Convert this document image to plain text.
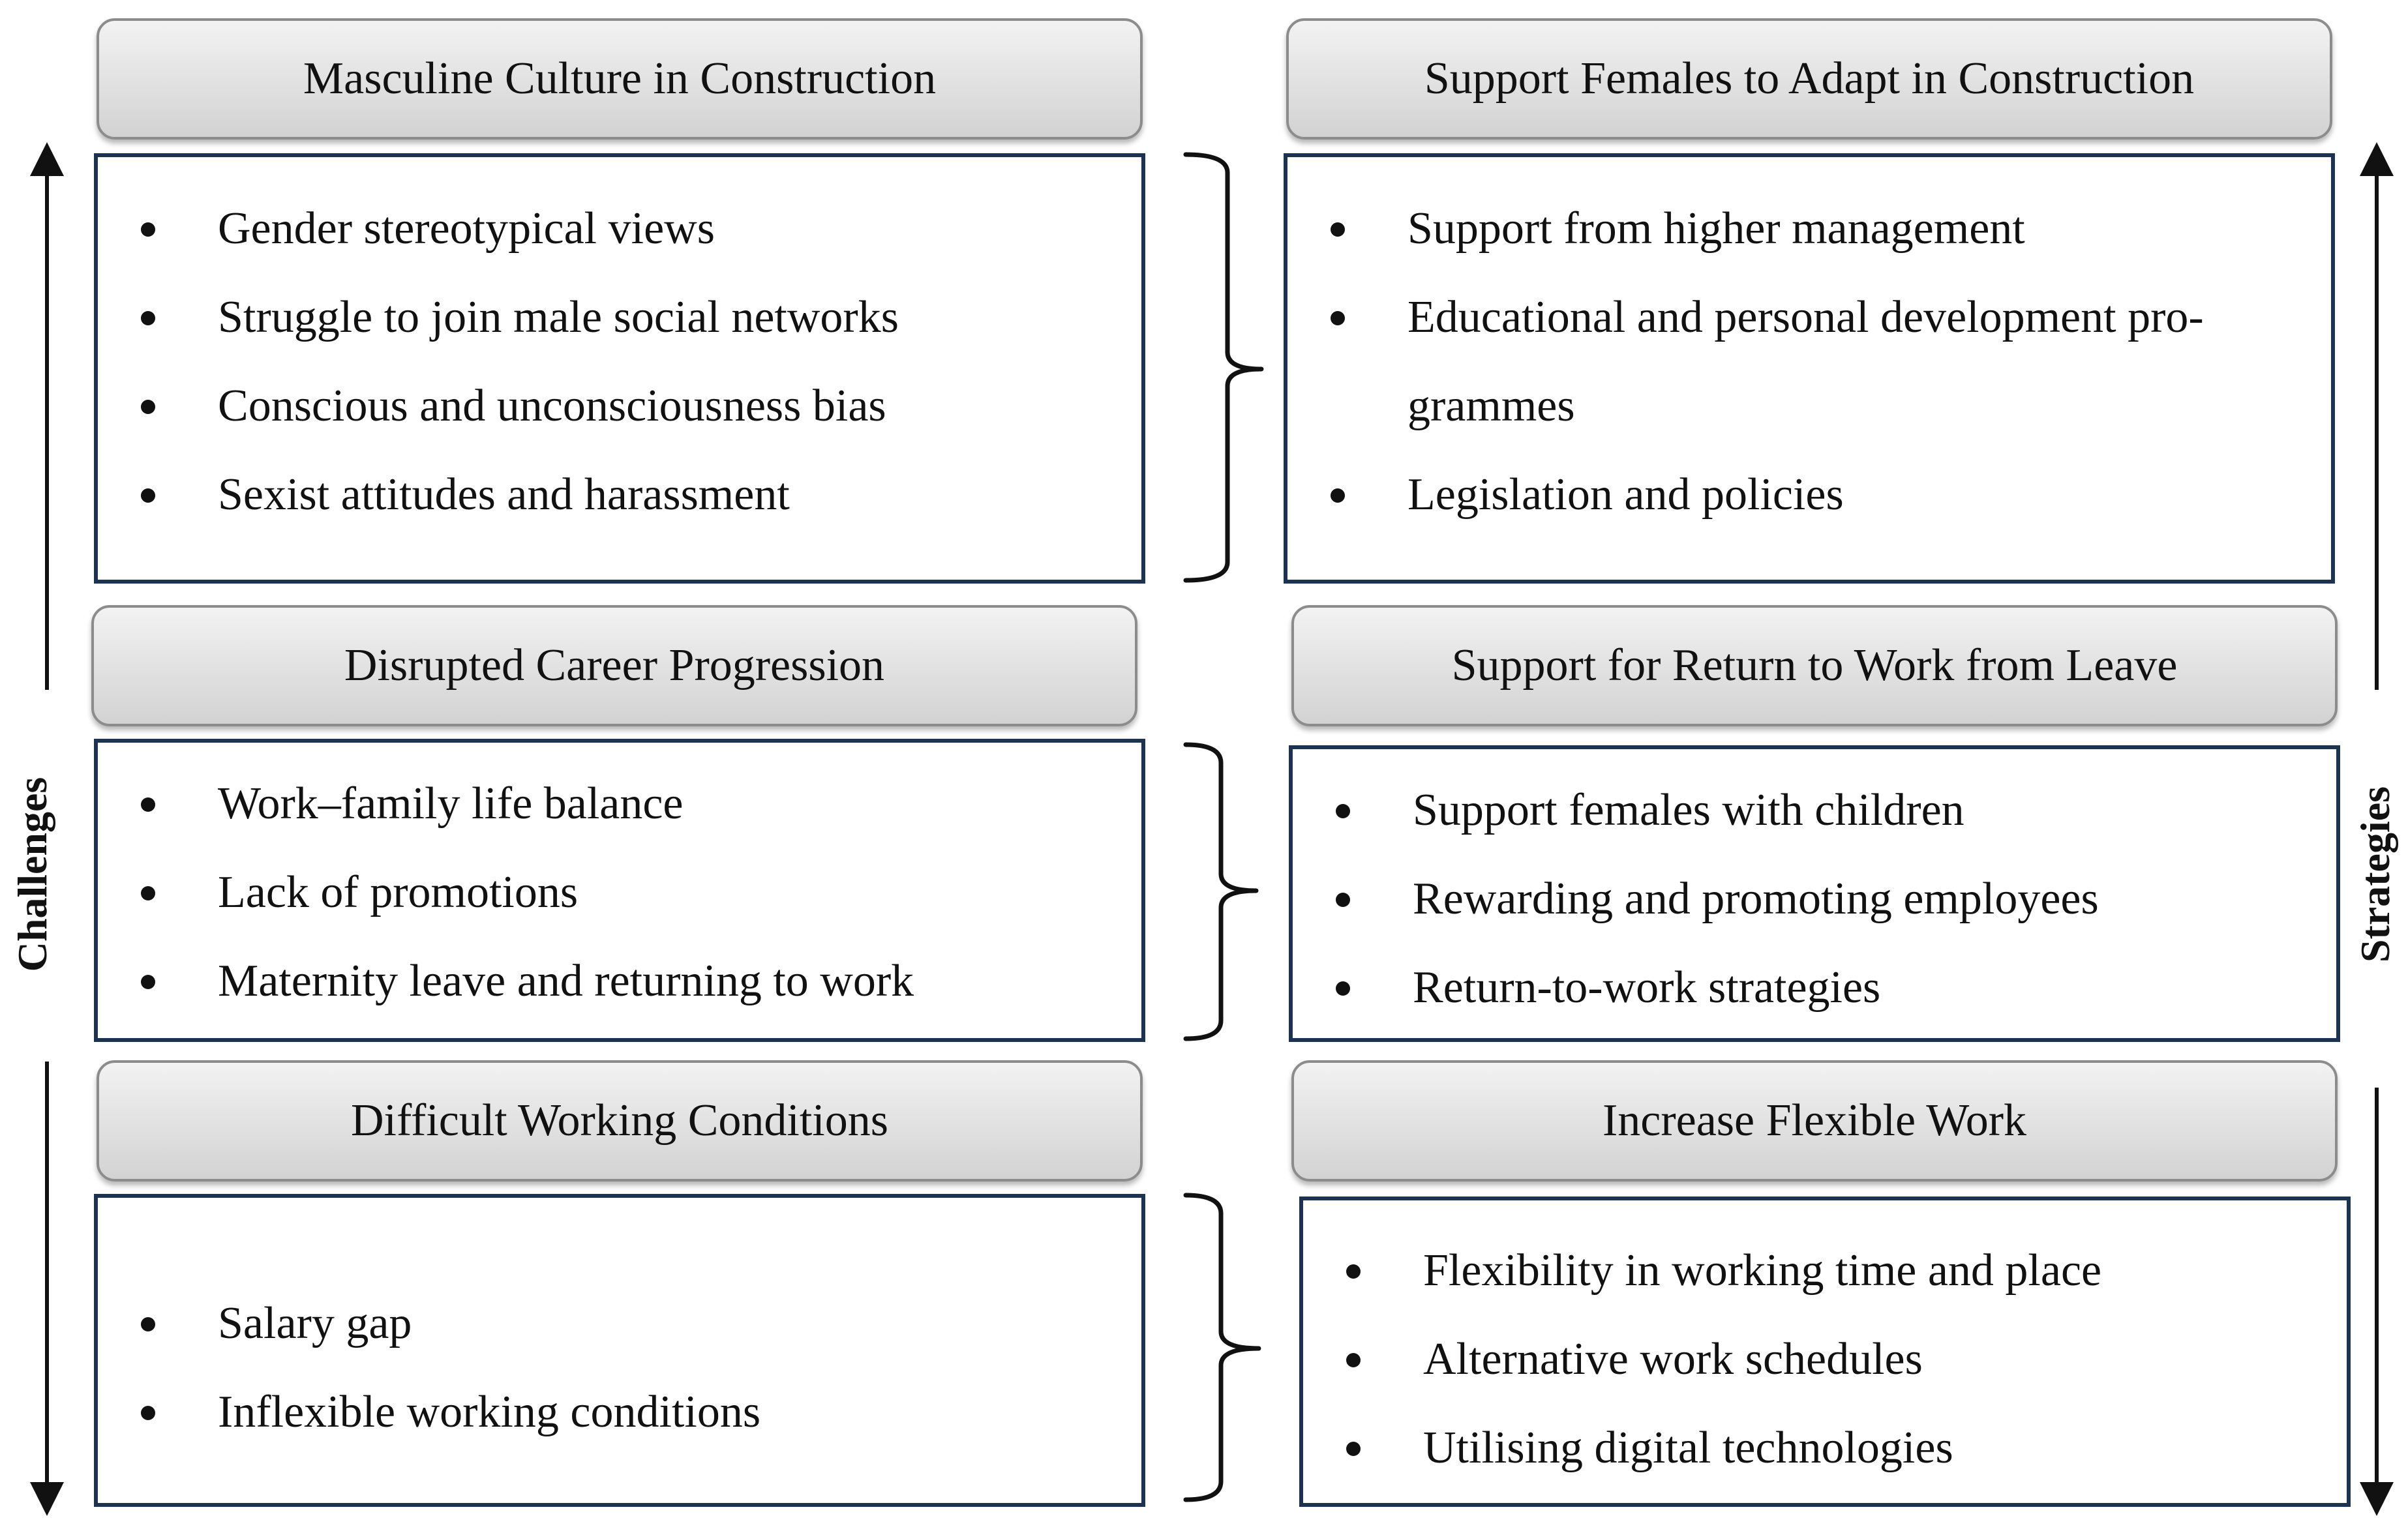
Masculine Culture in Construction	Support Females to Adapt in Construction
Gender stereotypical views
Struggle to join male social networks
Conscious and unconsciousness bias
Sexist attitudes and harassment
Support from higher management
Educational and personal development pro-
grammes
Legislation and policies
Disrupted Career Progression	Support for Return to Work from Leave
Work–family life balance
Lack of promotions
Maternity leave and returning to work
Support females with children
Rewarding and promoting employees
Return-to-work strategies
Difficult Working Conditions	Increase Flexible Work
Salary gap
Inflexible working conditions
Flexibility in working time and place
Alternative work schedules
Utilising digital technologies
Challenges	Strategies
